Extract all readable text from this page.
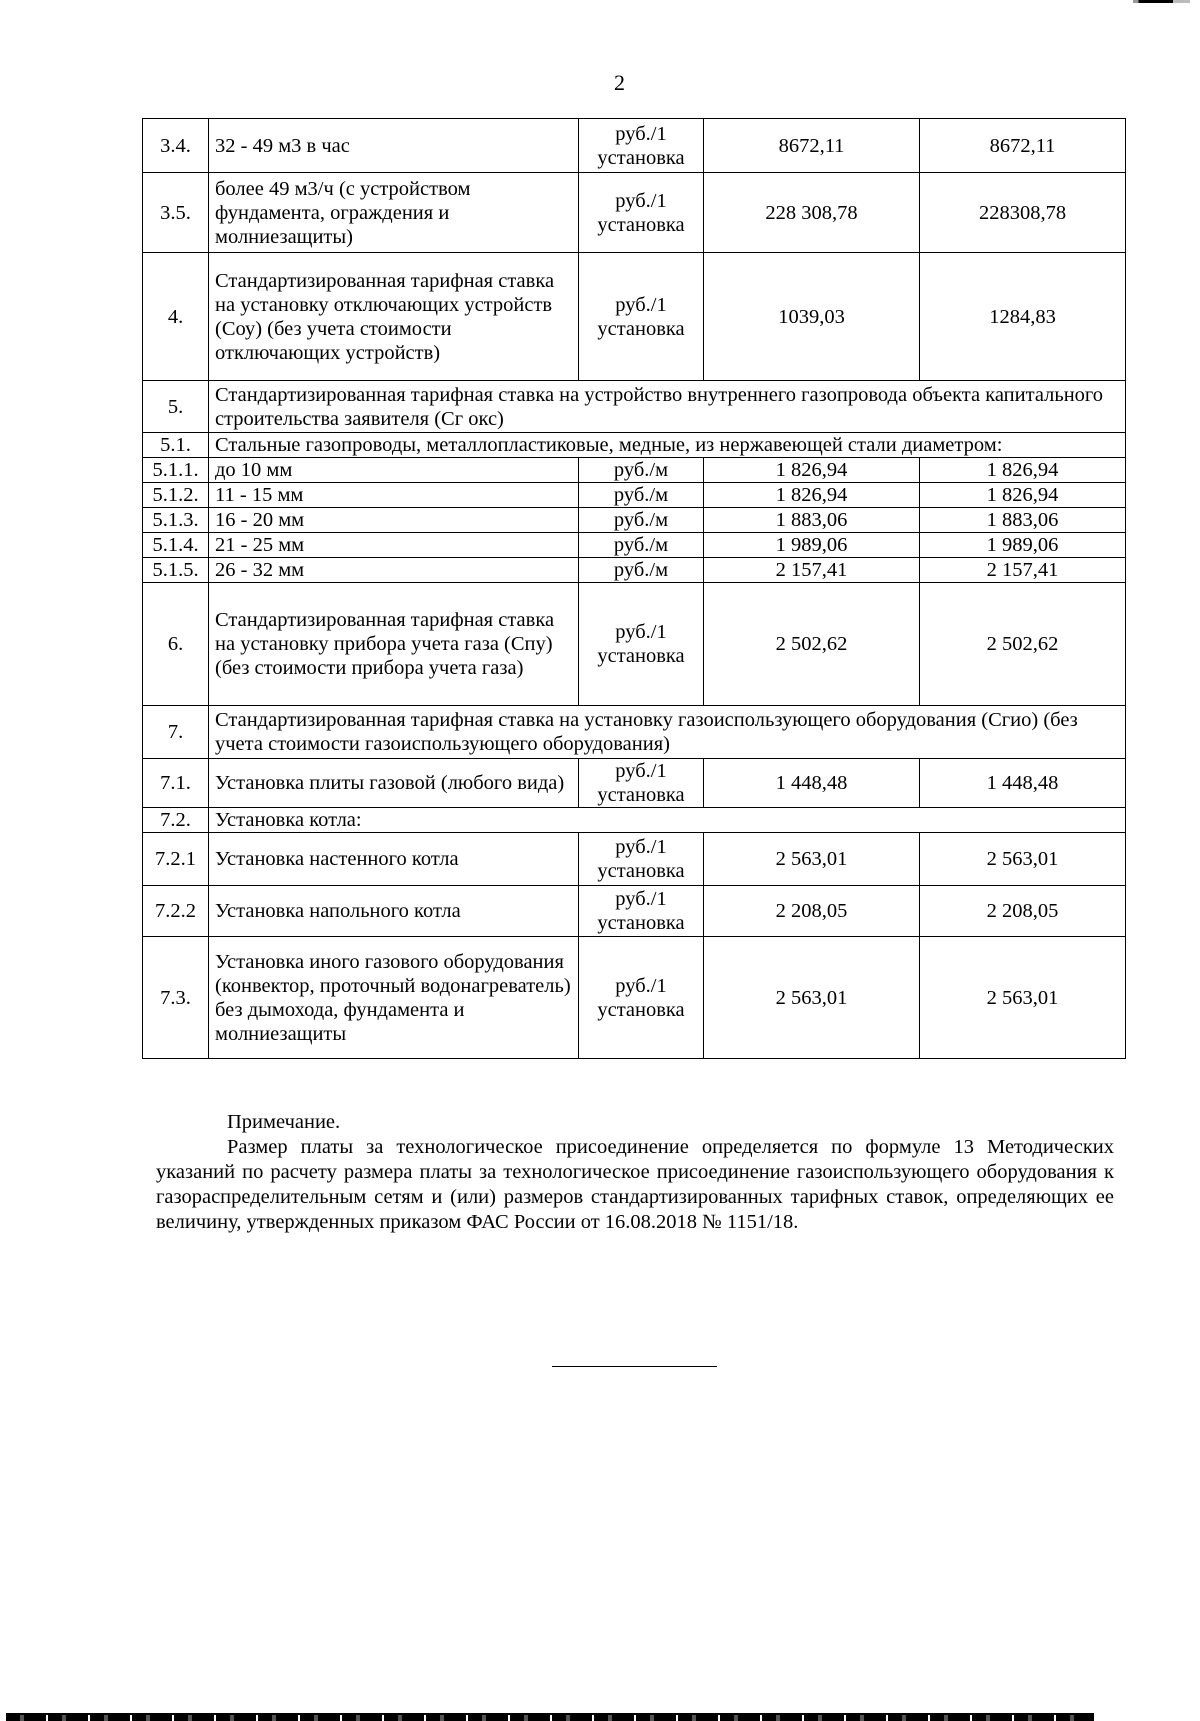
2
3.4.	32 - 49 м3 в час	руб./1 установка	8672,11	8672,11
3.5.	более 49 м3/ч (с устройством фундамента, ограждения и молниезащиты)	руб./1 установка	228 308,78	228308,78
4.	Стандартизированная тарифная ставка на установку отключающих устройств (Соу) (без учета стоимости отключающих устройств)	руб./1 установка	1039,03	1284,83
5.	Стандартизированная тарифная ставка на устройство внутреннего газопровода объекта капитального строительства заявителя (Сг окс)			
5.1.	Стальные газопроводы, металлопластиковые, медные, из нержавеющей стали диаметром:			
5.1.1.	до 10 мм	руб./м	1 826,94	1 826,94
5.1.2.	11 - 15 мм	руб./м	1 826,94	1 826,94
5.1.3.	16 - 20 мм	руб./м	1 883,06	1 883,06
5.1.4.	21 - 25 мм	руб./м	1 989,06	1 989,06
5.1.5.	26 - 32 мм	руб./м	2 157,41	2 157,41
6.	Стандартизированная тарифная ставка на установку прибора учета газа (Спу) (без стоимости прибора учета газа)	руб./1 установка	2 502,62	2 502,62
7.	Стандартизированная тарифная ставка на установку газоиспользующего оборудования (Сгио) (без учета стоимости газоиспользующего оборудования)			
7.1.	Установка плиты газовой (любого вида)	руб./1 установка	1 448,48	1 448,48
7.2.	Установка котла:			
7.2.1	Установка настенного котла	руб./1 установка	2 563,01	2 563,01
7.2.2	Установка напольного котла	руб./1 установка	2 208,05	2 208,05
7.3.	Установка иного газового оборудования (конвектор, проточный водонагреватель) без дымохода, фундамента и молниезащиты	руб./1 установка	2 563,01	2 563,01
Примечание.
Размер платы за технологическое присоединение определяется по формуле 13 Методических указаний по расчету размера платы за технологическое присоединение газоиспользующего оборудования к газораспределительным сетям и (или) размеров стандартизированных тарифных ставок, определяющих ее величину, утвержденных приказом ФАС России от 16.08.2018 № 1151/18.
